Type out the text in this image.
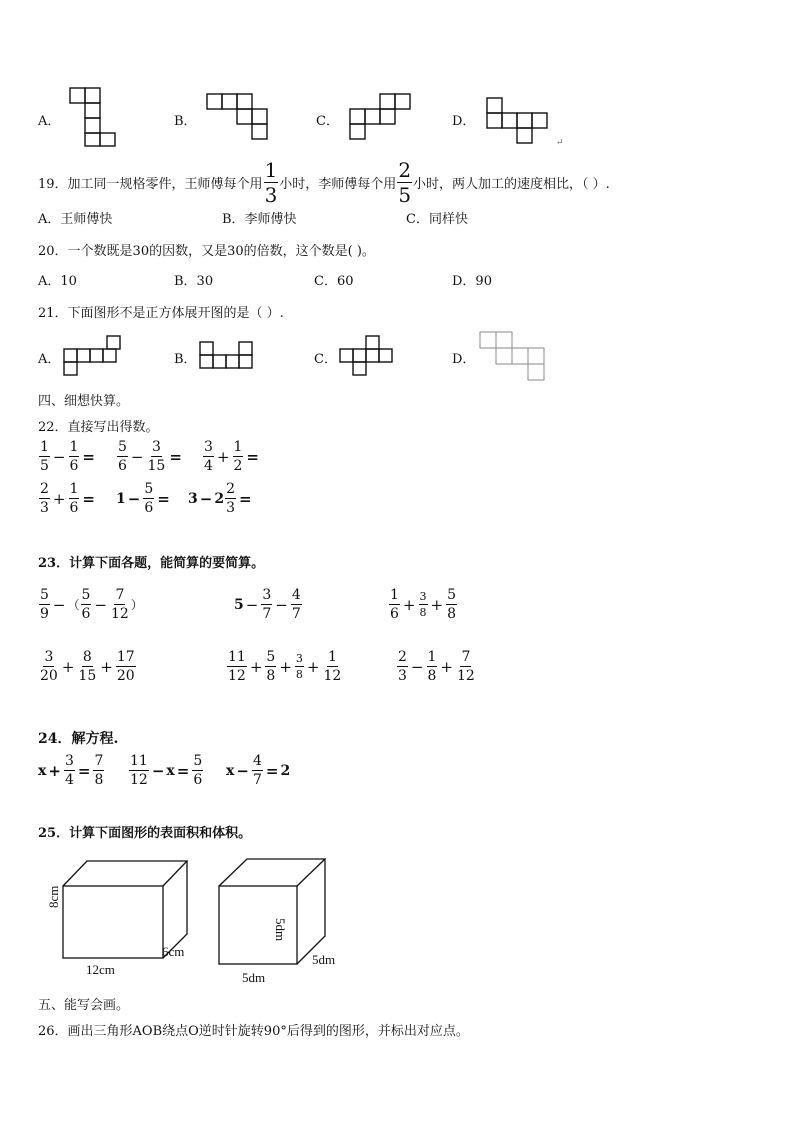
A．	B．	C．	D．
↵
19． 加工同一规格零件，王师傅每个用 $\frac{1}{3}$ 小时，李师傅每个用 $\frac{2}{5}$ 小时，两人加工的速度相比，（ ）.
A．王师傅快	B．李师傅快	C．同样快
20．一个数既是30的因数，又是30的倍数，这个数是( )。
A．10	B．30	C．60	D．90
21．下面图形不是正方体展开图的是（ ）.
A．	B．	C．	D．
四、细想快算。
22．直接写出得数。
$\frac{1}{5} - \frac{1}{6} = \frac{5}{6} - \frac{3}{15} = \frac{3}{4} + \frac{1}{2}$ =
$\frac{2}{3} + \frac{1}{6} = 1 - \frac{5}{6} = 3 - 2 \frac{2}{3}$ =
23．计算下面各题，能简算的要简算。
$\frac{5}{9}$ − （ $\frac{5}{6} - \frac{7}{12}$ ）	$5 - \frac{3}{7} - \frac{4}{7}$	$\frac{1}{6} + \frac{3}{8} + \frac{5}{8}$
$\frac{3}{20} + \frac{8}{15} + \frac{17}{20}$	$\frac{11}{12} + \frac{5}{8} + \frac{3}{8} + \frac{1}{12}$	$\frac{2}{3} - \frac{1}{8} + \frac{7}{12}$
24．解方程.
$x + \frac{3}{4} = \frac{7}{8} \frac{11}{12} - x = \frac{5}{6}$ $x - \frac{4}{7} = 2$
25．计算下面图形的表面积和体积。
8cm
12cm
6cm
5dm
5dm
5dm
五、能写会画。
26．画出三角形AOB绕点O逆时针旋转90°后得到的图形，并标出对应点。
